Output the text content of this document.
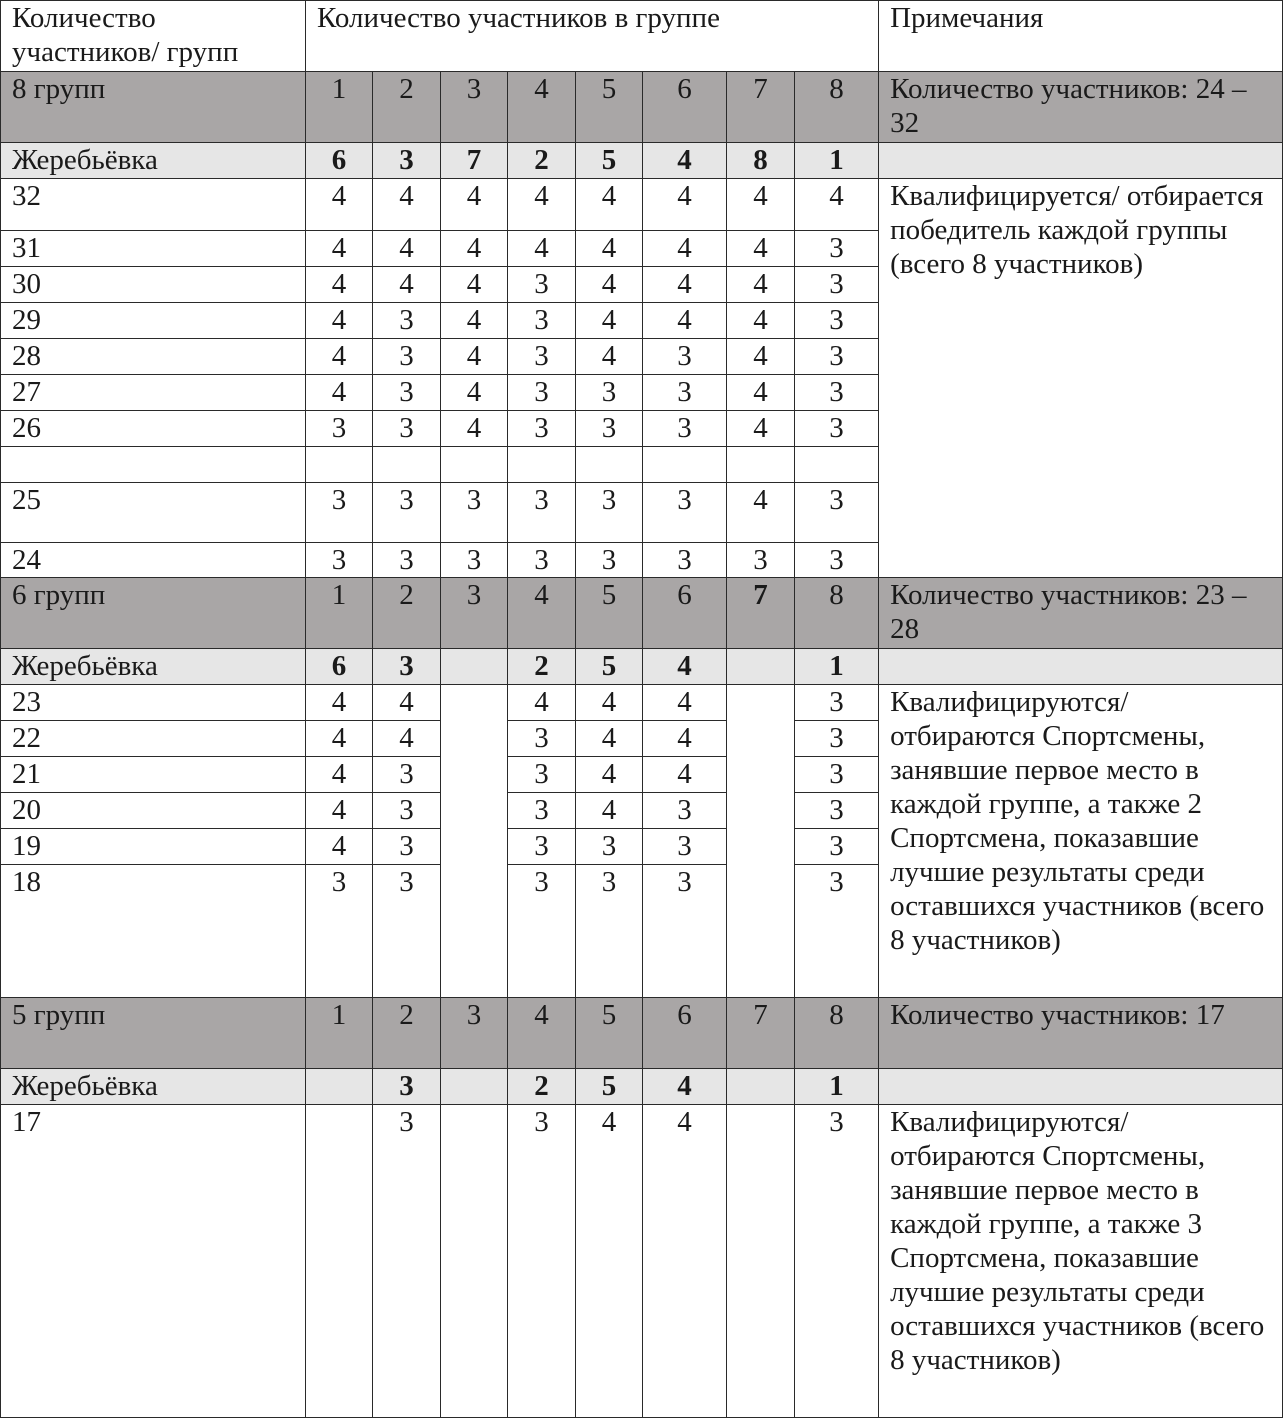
Количество участников/ групп	Количество участников в группе								Примечания
8 групп	1	2	3	4	5	6	7	8	Количество участников: 24 – 32
Жеребьёвка	6	3	7	2	5	4	8	1	
32	4	4	4	4	4	4	4	4	Квалифицируется/ отбирается победитель каждой группы (всего 8 участников)
31	4	4	4	4	4	4	4	3	
30	4	4	4	3	4	4	4	3	
29	4	3	4	3	4	4	4	3	
28	4	3	4	3	4	3	4	3	
27	4	3	4	3	3	3	4	3	
26	3	3	4	3	3	3	4	3	

25	3	3	3	3	3	3	4	3	
24	3	3	3	3	3	3	3	3	
6 групп	1	2	3	4	5	6	7	8	Количество участников: 23 – 28
Жеребьёвка	6	3		2	5	4		1	
23	4	4		4	4	4		3	Квалифицируются/ отбираются Спортсмены, занявшие первое место в каждой группе, а также 2 Спортсмена, показавшие лучшие результаты среди оставшихся участников (всего 8 участников)
22	4	4		3	4	4		3	
21	4	3		3	4	4		3	
20	4	3		3	4	3		3	
19	4	3		3	3	3		3	
18	3	3		3	3	3		3	
5 групп	1	2	3	4	5	6	7	8	Количество участников: 17
Жеребьёвка		3		2	5	4		1	
17		3		3	4	4		3	Квалифицируются/ отбираются Спортсмены, занявшие первое место в каждой группе, а также 3 Спортсмена, показавшие лучшие результаты среди оставшихся участников (всего 8 участников)
